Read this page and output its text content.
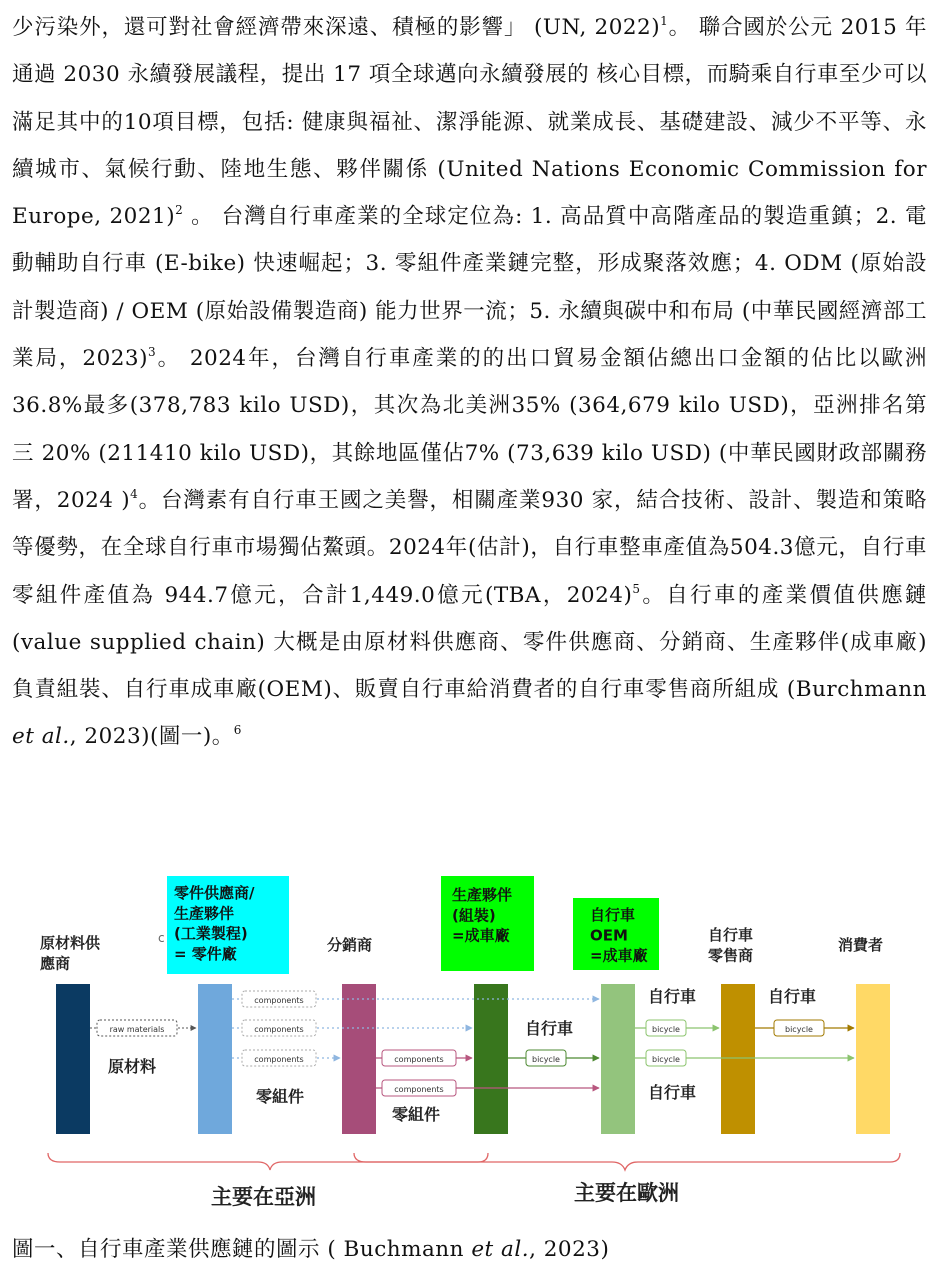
少污染外，還可對社會經濟帶來深遠、積極的影響」 (UN, 2022)$^1$。 聯合國於公元 2015 年通過 2030 永續發展議程，提出 17 項全球邁向永續發展的 核心目標，而騎乘自行車至少可以滿足其中的10項目標，包括: 健康與福祉、潔淨能源、就業成長、基礎建設、減少不平等、永續城市、氣候行動、陸地生態、夥伴關係 (United Nations Economic Commission for Europe, 2021)$^2$ 。 台灣自行車產業的全球定位為: 1. 高品質中高階產品的製造重鎮；2. 電動輔助自行車 (E-bike) 快速崛起；3. 零組件產業鏈完整，形成聚落效應；4. ODM (原始設計製造商) / OEM (原始設備製造商) 能力世界一流；5. 永續與碳中和布局 (中華民國經濟部工業局，2023)$^3$。 2024年，台灣自行車產業的的出口貿易金額佔總出口金額的佔比以歐洲36.8%最多(378,783 kilo USD)，其次為北美洲35% (364,679 kilo USD)，亞洲排名第三 20% (211410 kilo USD)，其餘地區僅佔7% (73,639 kilo USD) (中華民國財政部關務署，2024 )$^4$。台灣素有自行車王國之美譽，相關產業930 家，結合技術、設計、製造和策略等優勢，在全球自行車市場獨佔鰲頭。2024年(估計)，自行車整車產值為504.3億元，自行車零組件產值為 944.7億元，合計1,449.0億元(TBA，2024)$^5$。自行車的產業價值供應鏈(value supplied chain) 大概是由原材料供應商、零件供應商、分銷商、生產夥伴(成車廠) 負責組裝、自行車成車廠(OEM)、販賣自行車給消費者的自行車零售商所組成 (Burchmann et al., 2023)(圖一)。$^6$
原材料供應商
零件供應商/生產夥伴(工業製程) = 零件廠
c	分銷商
生產夥伴(組裝) =成車廠
自行車 OEM =成車廠
自行車零售商
消費者
raw materials
原材料
components
components
components
零組件
components
components
零組件
自行車
bicycle
自行車
bicycle
bicycle
自行車
自行車
bicycle
主要在亞洲	主要在歐洲
圖一、自行車產業供應鏈的圖示 ( Buchmann et al., 2023)
